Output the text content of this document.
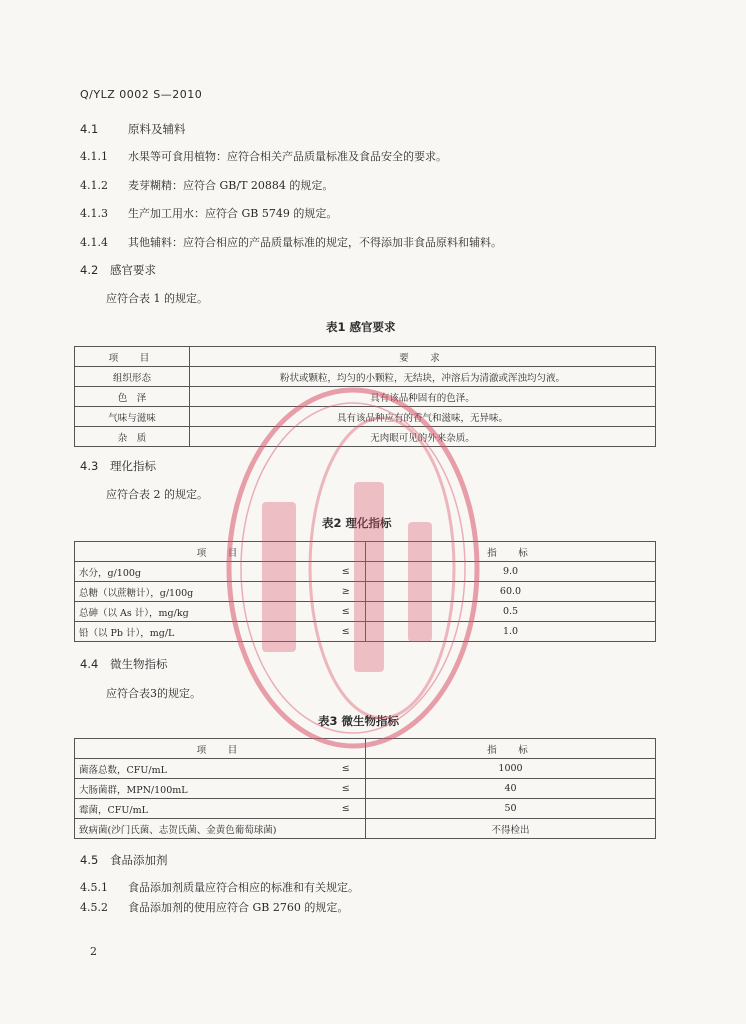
Q/YLZ 0002 S—2010
4.1	原料及辅料
4.1.1 水果等可食用植物：应符合相关产品质量标准及食品安全的要求。
4.1.2 麦芽糊精：应符合 GB/T 20884 的规定。
4.1.3 生产加工用水：应符合 GB 5749 的规定。
4.1.4 其他辅料：应符合相应的产品质量标准的规定，不得添加非食品原料和辅料。
4.2 感官要求
应符合表 1 的规定。
表1 感官要求
项　目	要　求
组织形态	粉状或颗粒，均匀的小颗粒，无结块，冲溶后为清澈或浑浊均匀液。
色　泽	具有该品种固有的色泽。
气味与滋味	具有该品种应有的香气和滋味，无异味。
杂　质	无肉眼可见的外来杂质。
4.3 理化指标
应符合表 2 的规定。
表2 理化指标
项　目		指　标
水分，g/100g	≤	9.0
总糖（以蔗糖计），g/100g	≥	60.0
总砷（以 As 计），mg/kg	≤	0.5
铅（以 Pb 计），mg/L	≤	1.0
4.4 微生物指标
应符合表3的规定。
表3 微生物指标
项　目		指　标
菌落总数，CFU/mL	≤	1000
大肠菌群，MPN/100mL	≤	40
霉菌，CFU/mL	≤	50
致病菌(沙门氏菌、志贺氏菌、金黄色葡萄球菌)		不得检出
4.5 食品添加剂
4.5.1 食品添加剂质量应符合相应的标准和有关规定。
4.5.2 食品添加剂的使用应符合 GB 2760 的规定。
2
